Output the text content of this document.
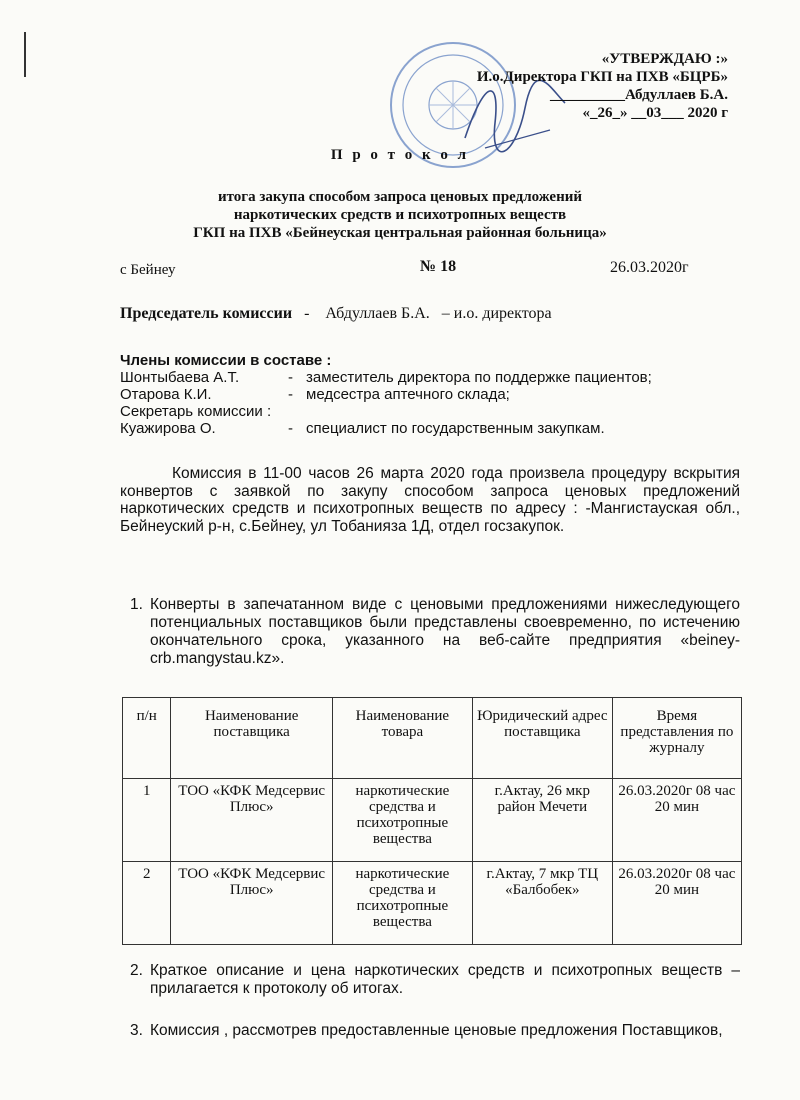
«УТВЕРЖДАЮ :»
И.о.Директора ГКП на ПХВ «БЦРБ»
__________Абдуллаев Б.А.
«_26_» __03___ 2020 г
П р о т о к о л
итога закупа способом запроса ценовых предложений
наркотических средств и психотропных веществ
ГКП на ПХВ «Бейнеуская центральная районная больница»
с Бейнеу	№ 18	26.03.2020г
Председатель комиссии   -    Абдуллаев Б.А.   – и.о. директора
Члены комиссии в составе :
Шонтыбаева А.Т.	- заместитель директора по поддержке пациентов;
Отарова К.И.	- медсестра аптечного склада;
Секретарь комиссии :
Куажирова О.	- специалист по государственным закупкам.
Комиссия в 11-00 часов 26 марта 2020 года произвела процедуру вскрытия конвертов с заявкой по закупу способом запроса ценовых предложений наркотических средств и психотропных веществ по адресу : -Мангистауская обл., Бейнеуский р-н, с.Бейнеу, ул Тобанияза 1Д, отдел госзакупок.
1. Конверты в запечатанном виде с ценовыми предложениями нижеследующего потенциальных поставщиков были представлены своевременно, по истечению окончательного срока, указанного на веб-сайте предприятия «beiney-crb.mangystau.kz».
п/н	Наименование поставщика	Наименование товара	Юридический адрес поставщика	Время представления по журналу
1	ТОО «КФК Медсервис Плюс»	наркотические средства и психотропные вещества	г.Актау, 26 мкр район Мечети	26.03.2020г 08 час 20 мин
2	ТОО «КФК Медсервис Плюс»	наркотические средства и психотропные вещества	г.Актау, 7 мкр ТЦ «Балбобек»	26.03.2020г 08 час 20 мин
2. Краткое описание и цена наркотических средств и психотропных веществ – прилагается к протоколу об итогах.
3. Комиссия , рассмотрев предоставленные ценовые предложения Поставщиков,
